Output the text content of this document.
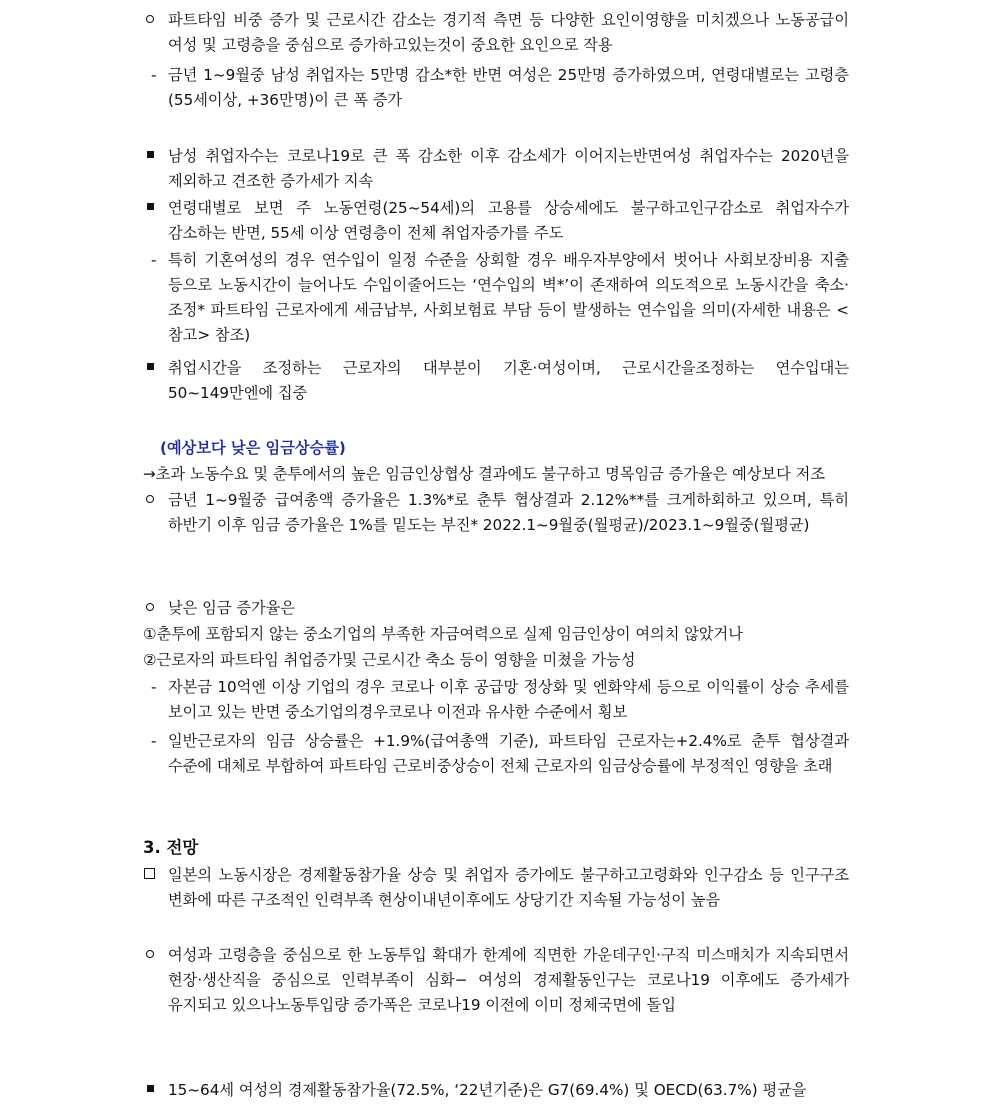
파트타임 비중 증가 및 근로시간 감소는 경기적 측면 등 다양한 요인이영향을 미치겠으나 노동공급이 여성 및 고령층을 중심으로 증가하고있는것이 중요한 요인으로 작용
- 금년 1~9월중 남성 취업자는 5만명 감소*한 반면 여성은 25만명 증가하였으며, 연령대별로는 고령층(55세이상, +36만명)이 큰 폭 증가
남성 취업자수는 코로나19로 큰 폭 감소한 이후 감소세가 이어지는반면여성 취업자수는 2020년을 제외하고 견조한 증가세가 지속
연령대별로 보면 주 노동연령(25~54세)의 고용를 상승세에도 불구하고인구감소로 취업자수가 감소하는 반면, 55세 이상 연령층이 전체 취업자증가를 주도
- 특히 기혼여성의 경우 연수입이 일정 수준을 상회할 경우 배우자부양에서 벗어나 사회보장비용 지출 등으로 노동시간이 늘어나도 수입이줄어드는 ‘연수입의 벽*’이 존재하여 의도적으로 노동시간을 축소·조정* 파트타임 근로자에게 세금납부, 사회보험료 부담 등이 발생하는 연수입을 의미(자세한 내용은 <참고> 참조)
취업시간을 조정하는 근로자의 대부분이 기혼·여성이며, 근로시간을조정하는 연수입대는 50~149만엔에 집중
(예상보다 낮은 임금상승률)
→초과 노동수요 및 춘투에서의 높은 임금인상협상 결과에도 불구하고 명목임금 증가율은 예상보다 저조
금년 1~9월중 급여총액 증가율은 1.3%*로 춘투 협상결과 2.12%**를 크게하회하고 있으며, 특히 하반기 이후 임금 증가율은 1%를 밑도는 부진* 2022.1~9월중(월평균)/2023.1~9월중(월평균)
낮은 임금 증가율은
①춘투에 포함되지 않는 중소기업의 부족한 자금여력으로 실제 임금인상이 여의치 않았거나
②근로자의 파트타임 취업증가및 근로시간 축소 등이 영향을 미쳤을 가능성
- 자본금 10억엔 이상 기업의 경우 코로나 이후 공급망 정상화 및 엔화약세 등으로 이익률이 상승 추세를 보이고 있는 반면 중소기업의경우코로나 이전과 유사한 수준에서 횡보
- 일반근로자의 임금 상승률은 +1.9%(급여총액 기준), 파트타임 근로자는+2.4%로 춘투 협상결과 수준에 대체로 부합하여 파트타임 근로비중상승이 전체 근로자의 임금상승률에 부정적인 영향을 초래
3. 전망
일본의 노동시장은 경제활동참가율 상승 및 취업자 증가에도 불구하고고령화와 인구감소 등 인구구조 변화에 따른 구조적인 인력부족 현상이내년이후에도 상당기간 지속될 가능성이 높음
여성과 고령층을 중심으로 한 노동투입 확대가 한계에 직면한 가운데구인·구직 미스매치가 지속되면서 현장·생산직을 중심으로 인력부족이 심화− 여성의 경제활동인구는 코로나19 이후에도 증가세가 유지되고 있으나노동투입량 증가폭은 코로나19 이전에 이미 정체국면에 돌입
15~64세 여성의 경제활동참가율(72.5%, ‘22년기준)은 G7(69.4%) 및 OECD(63.7%) 평균을
